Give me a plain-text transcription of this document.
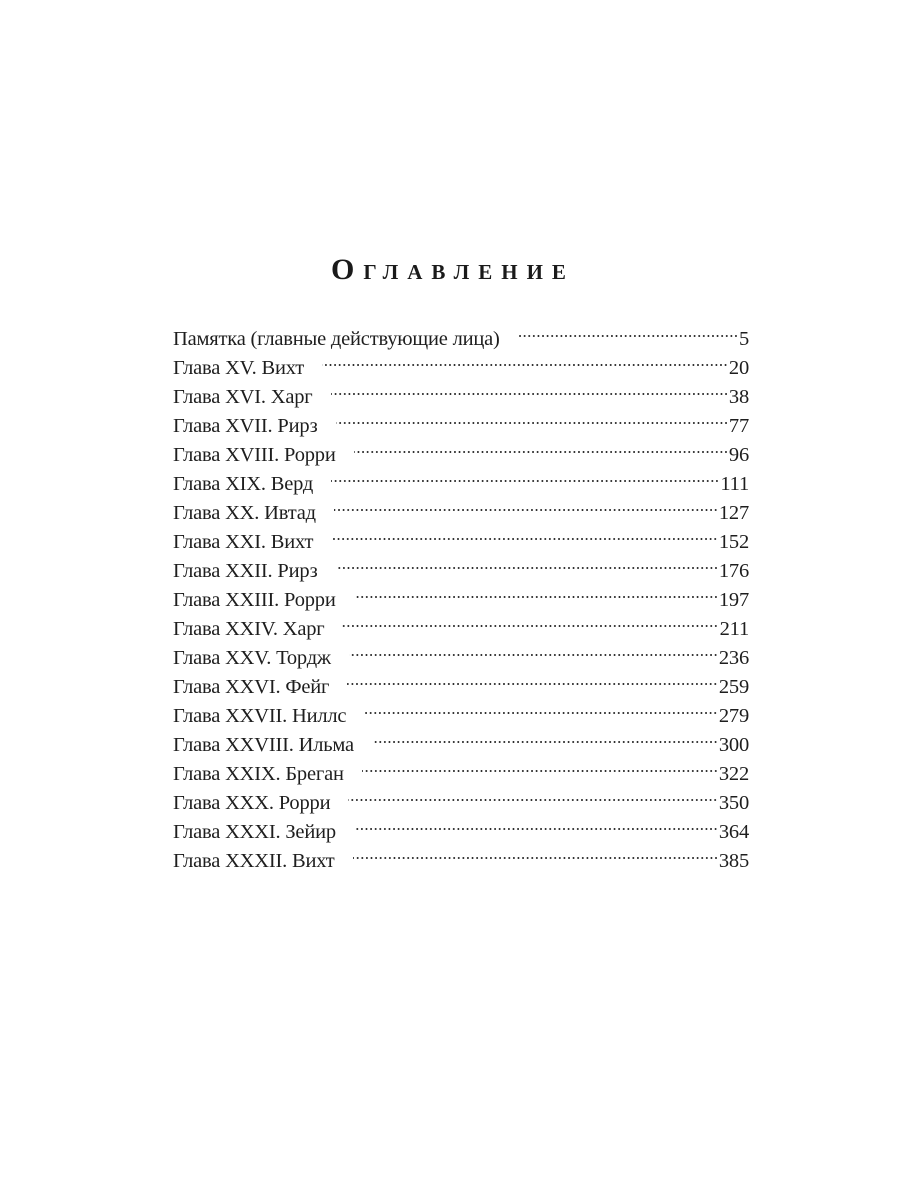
Оглавление
Памятка (главные действующие лица)	5
Глава XV. Вихт	20
Глава XVI. Харг	38
Глава XVII. Рирз	77
Глава XVIII. Рорри	96
Глава XIX. Верд	111
Глава XX. Ивтад	127
Глава XXI. Вихт	152
Глава XXII. Рирз	176
Глава XXIII. Рорри	197
Глава XXIV. Харг	211
Глава XXV. Тордж	236
Глава XXVI. Фейг	259
Глава XXVII. Ниллс	279
Глава XXVIII. Ильма	300
Глава XXIX. Бреган	322
Глава XXX. Рорри	350
Глава XXXI. Зейир	364
Глава XXXII. Вихт	385
